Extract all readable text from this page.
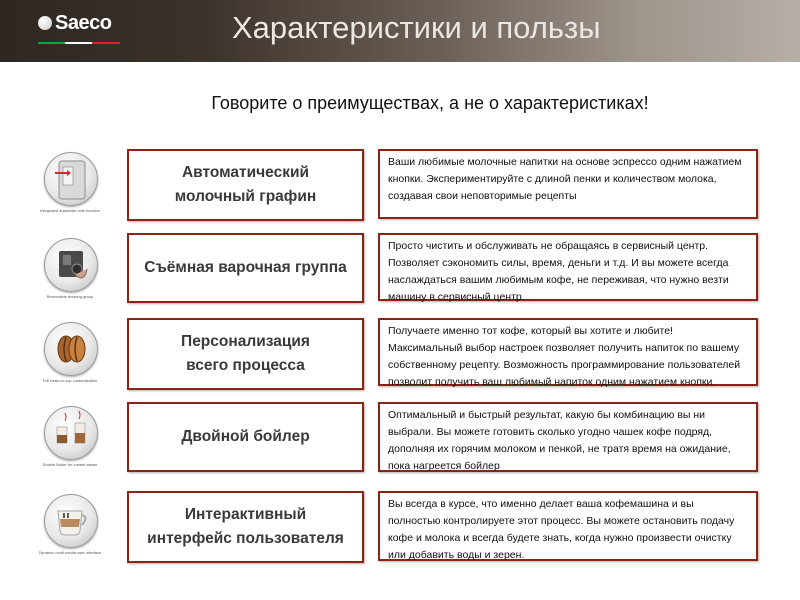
Saeco	Характеристики и пользы
Говорите о преимуществах, а не о характеристиках!
Integrated automatic milk function
Автоматический
молочный графин
Ваши любимые молочные напитки на основе эспрессо одним нажатием кнопки. Экспериментируйте с длиной пенки и количеством молока, создавая свои неповторимые рецепты
Removable brewing group
Съёмная варочная группа
Просто чистить и обслуживать не обращаясь в сервисный центр. Позволяет сэкономить силы, время, деньги и т.д. И вы можете всегда наслаждаться вашим любимым кофе, не переживая, что нужно везти машину в сервисный центр.
Full bean-to-cup customization
Персонализация
всего процесса
Получаете именно тот кофе, который вы хотите и любите! Максимальный выбор настроек позволяет получить напиток по вашему собственному рецепту. Возможность программирование пользователей позволит получить ваш любимый напиток одним нажатием кнопки.
Double Boiler for instant steam
Двойной бойлер
Оптимальный и быстрый результат, какую бы комбинацию вы ни выбрали. Вы можете готовить сколько угодно чашек кофе подряд, дополняя их горячим молоком и пенкой, не тратя время на ожидание, пока нагреется бойлер
Dynamic multi-media user interface
Интерактивный
интерфейс пользователя
Вы всегда в курсе, что именно делает ваша кофемашина и вы полностью контролируете этот процесс. Вы можете остановить подачу кофе и молока и всегда будете знать, когда нужно произвести очистку или добавить воды и зерен.
